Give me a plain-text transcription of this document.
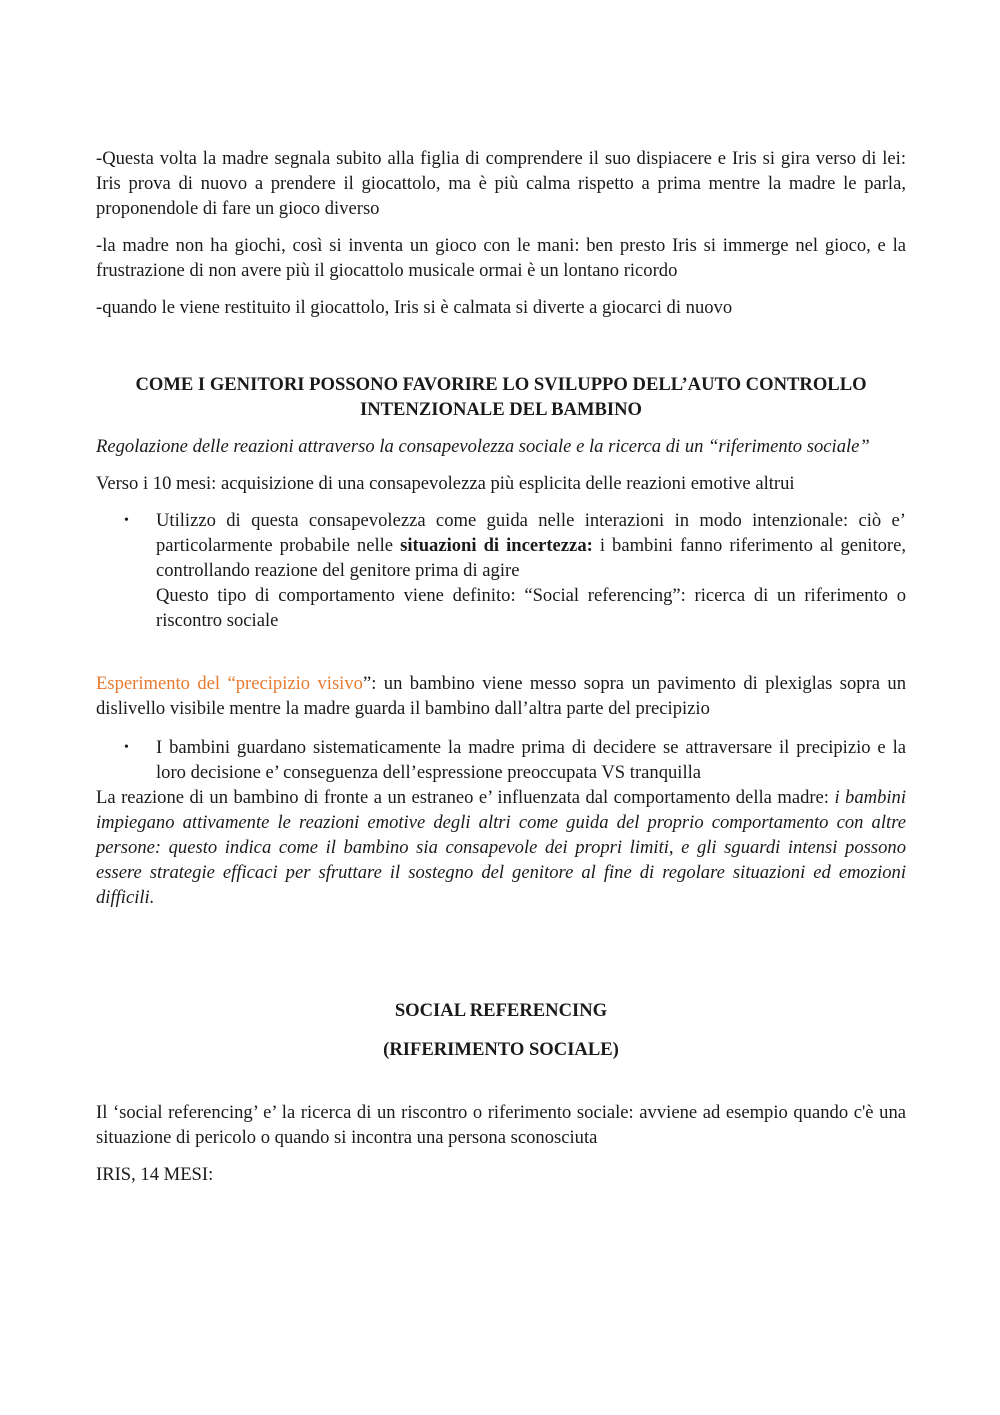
-Questa volta la madre segnala subito alla figlia di comprendere il suo dispiacere e Iris si gira verso di lei: Iris prova di nuovo a prendere il giocattolo, ma è più calma rispetto a prima mentre la madre le parla, proponendole di fare un gioco diverso

-la madre non ha giochi, così si inventa un gioco con le mani: ben presto Iris si immerge nel gioco, e la frustrazione di non avere più il giocattolo musicale ormai è un lontano ricordo

-quando le viene restituito il giocattolo, Iris si è calmata si diverte a giocarci di nuovo

COME I GENITORI POSSONO FAVORIRE LO SVILUPPO DELL’AUTO CONTROLLO
INTENZIONALE DEL BAMBINO

Regolazione delle reazioni attraverso la consapevolezza sociale e la ricerca di un “riferimento sociale”

Verso i 10 mesi: acquisizione di una consapevolezza più esplicita delle reazioni emotive altrui

• Utilizzo di questa consapevolezza come guida nelle interazioni in modo intenzionale: ciò e’ particolarmente probabile nelle situazioni di incertezza: i bambini fanno riferimento al genitore, controllando reazione del genitore prima di agire

Questo tipo di comportamento viene definito: “Social referencing”: ricerca di un riferimento o riscontro sociale

Esperimento del “precipizio visivo”: un bambino viene messo sopra un pavimento di plexiglas sopra un dislivello visibile mentre la madre guarda il bambino dall’altra parte del precipizio

• I bambini guardano sistematicamente la madre prima di decidere se attraversare il precipizio e la loro decisione e’ conseguenza dell’espressione preoccupata VS tranquilla

La reazione di un bambino di fronte a un estraneo e’ influenzata dal comportamento della madre: i bambini impiegano attivamente le reazioni emotive degli altri come guida del proprio comportamento con altre persone: questo indica come il bambino sia consapevole dei propri limiti, e gli sguardi intensi possono essere strategie efficaci per sfruttare il sostegno del genitore al fine di regolare situazioni ed emozioni difficili.

SOCIAL REFERENCING
(RIFERIMENTO SOCIALE)

Il ‘social referencing’ e’ la ricerca di un riscontro o riferimento sociale: avviene ad esempio quando c'è una situazione di pericolo o quando si incontra una persona sconosciuta

IRIS, 14 MESI:
